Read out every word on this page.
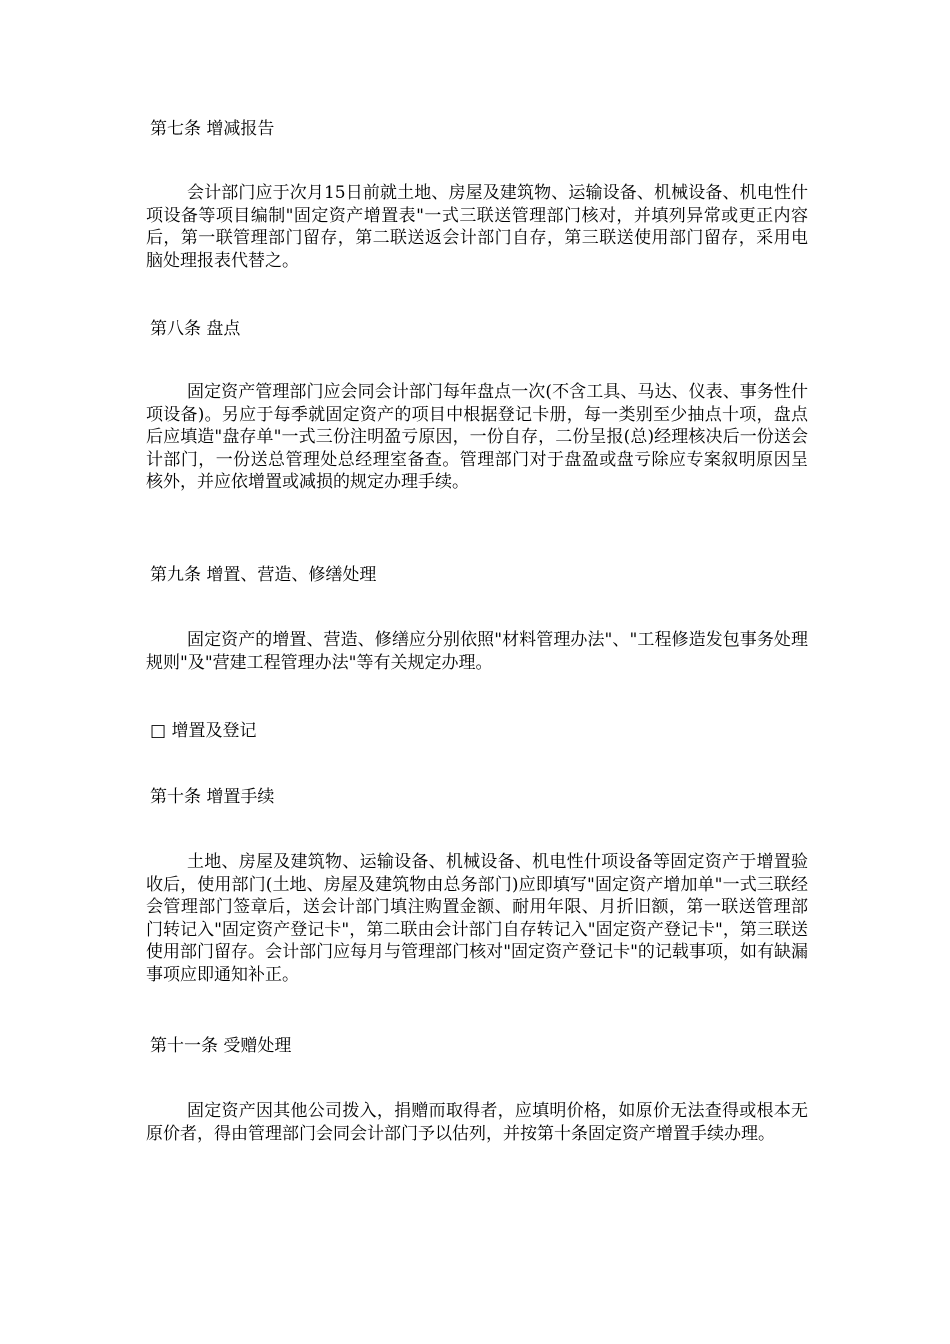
第七条 增减报告
会计部门应于次月15日前就土地、房屋及建筑物、运输设备、机械设备、机电性什项设备等项目编制"固定资产增置表"一式三联送管理部门核对，并填列异常或更正内容后，第一联管理部门留存，第二联送返会计部门自存，第三联送使用部门留存，采用电脑处理报表代替之。
第八条 盘点
固定资产管理部门应会同会计部门每年盘点一次(不含工具、马达、仪表、事务性什项设备)。另应于每季就固定资产的项目中根据登记卡册，每一类别至少抽点十项，盘点后应填造"盘存单"一式三份注明盈亏原因，一份自存，二份呈报(总)经理核决后一份送会计部门，一份送总管理处总经理室备查。管理部门对于盘盈或盘亏除应专案叙明原因呈核外，并应依增置或减损的规定办理手续。
第九条 增置、营造、修缮处理
固定资产的增置、营造、修缮应分别依照"材料管理办法"、"工程修造发包事务处理规则"及"营建工程管理办法"等有关规定办理。
□ 增置及登记
第十条 增置手续
土地、房屋及建筑物、运输设备、机械设备、机电性什项设备等固定资产于增置验收后，使用部门(土地、房屋及建筑物由总务部门)应即填写"固定资产增加单"一式三联经会管理部门签章后，送会计部门填注购置金额、耐用年限、月折旧额，第一联送管理部门转记入"固定资产登记卡"，第二联由会计部门自存转记入"固定资产登记卡"，第三联送使用部门留存。会计部门应每月与管理部门核对"固定资产登记卡"的记载事项，如有缺漏事项应即通知补正。
第十一条 受赠处理
固定资产因其他公司拨入，捐赠而取得者，应填明价格，如原价无法查得或根本无原价者，得由管理部门会同会计部门予以估列，并按第十条固定资产增置手续办理。
